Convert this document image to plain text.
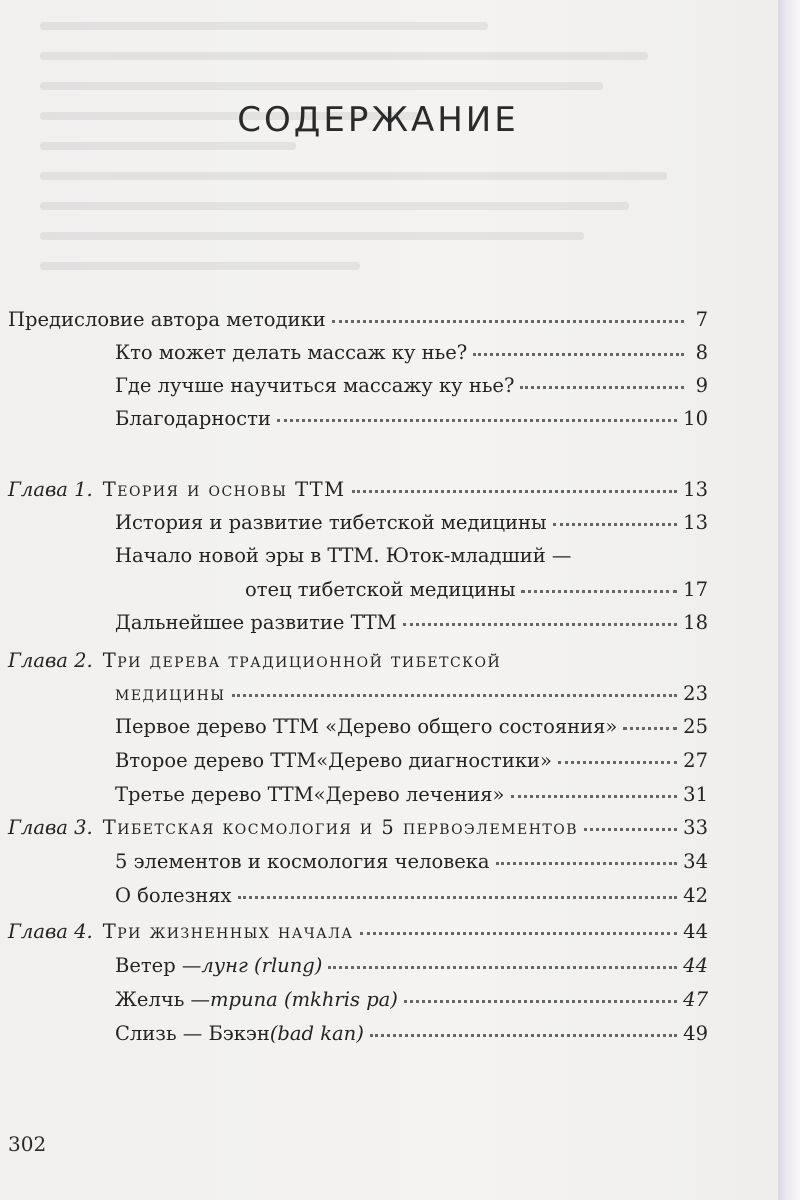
СОДЕРЖАНИЕ
Предисловие автора методики	7
Кто может делать массаж ку нье?	8
Где лучше научиться массажу ку нье?	9
Благодарности	10
Глава 1. Теория и основы ТТМ	13
История и развитие тибетской медицины	13
Начало новой эры в ТТМ. Юток-младший —
отец тибетской медицины	17
Дальнейшее развитие ТТМ	18
Глава 2. Три дерева традиционной тибетской
медицины	23
Первое дерево ТТМ «Дерево общего состояния»	25
Второе дерево ТТМ«Дерево диагностики»	27
Третье дерево ТТМ«Дерево лечения»	31
Глава 3. Тибетская космология и 5 первоэлементов	33
5 элементов и космология человека	34
О болезнях	42
Глава 4. Три жизненных начала	44
Ветер — лунг (rlung)	44
Желчь — трипа (mkhris pa)	47
Слизь — Бэкэн (bad kan)	49
302
